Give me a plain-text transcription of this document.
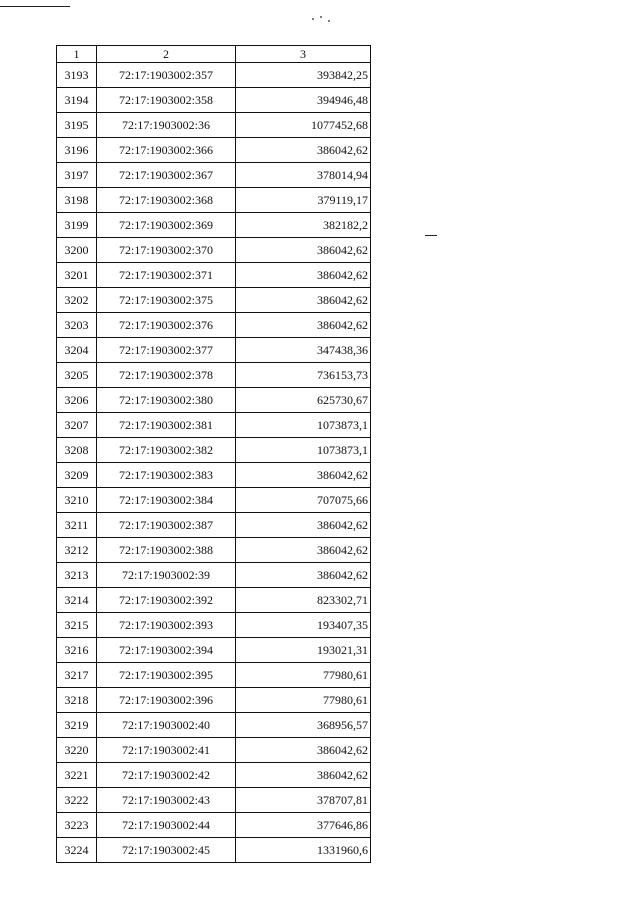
1	2	3
3193	72:17:1903002:357	393842,25
3194	72:17:1903002:358	394946,48
3195	72:17:1903002:36	1077452,68
3196	72:17:1903002:366	386042,62
3197	72:17:1903002:367	378014,94
3198	72:17:1903002:368	379119,17
3199	72:17:1903002:369	382182,2
3200	72:17:1903002:370	386042,62
3201	72:17:1903002:371	386042,62
3202	72:17:1903002:375	386042,62
3203	72:17:1903002:376	386042,62
3204	72:17:1903002:377	347438,36
3205	72:17:1903002:378	736153,73
3206	72:17:1903002:380	625730,67
3207	72:17:1903002:381	1073873,1
3208	72:17:1903002:382	1073873,1
3209	72:17:1903002:383	386042,62
3210	72:17:1903002:384	707075,66
3211	72:17:1903002:387	386042,62
3212	72:17:1903002:388	386042,62
3213	72:17:1903002:39	386042,62
3214	72:17:1903002:392	823302,71
3215	72:17:1903002:393	193407,35
3216	72:17:1903002:394	193021,31
3217	72:17:1903002:395	77980,61
3218	72:17:1903002:396	77980,61
3219	72:17:1903002:40	368956,57
3220	72:17:1903002:41	386042,62
3221	72:17:1903002:42	386042,62
3222	72:17:1903002:43	378707,81
3223	72:17:1903002:44	377646,86
3224	72:17:1903002:45	1331960,6
